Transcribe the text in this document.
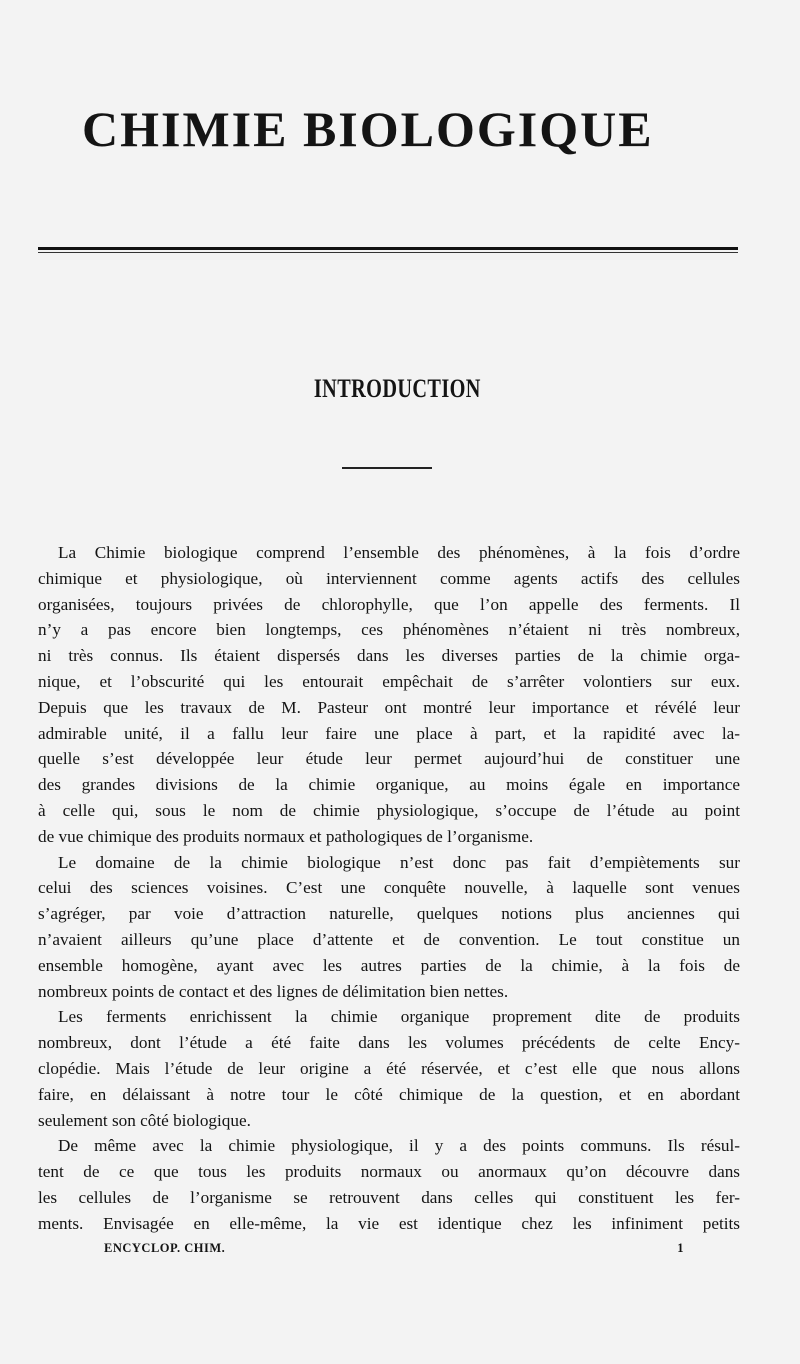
CHIMIE BIOLOGIQUE
INTRODUCTION
La Chimie biologique comprend l’ensemble des phénomènes, à la fois d’ordre
chimique et physiologique, où interviennent comme agents actifs des cellules
organisées, toujours privées de chlorophylle, que l’on appelle des ferments. Il
n’y a pas encore bien longtemps, ces phénomènes n’étaient ni très nombreux,
ni très connus. Ils étaient dispersés dans les diverses parties de la chimie orga-
nique, et l’obscurité qui les entourait empêchait de s’arrêter volontiers sur eux.
Depuis que les travaux de M. Pasteur ont montré leur importance et révélé leur
admirable unité, il a fallu leur faire une place à part, et la rapidité avec la-
quelle s’est développée leur étude leur permet aujourd’hui de constituer une
des grandes divisions de la chimie organique, au moins égale en importance
à celle qui, sous le nom de chimie physiologique, s’occupe de l’étude au point
de vue chimique des produits normaux et pathologiques de l’organisme.
Le domaine de la chimie biologique n’est donc pas fait d’empiètements sur
celui des sciences voisines. C’est une conquête nouvelle, à laquelle sont venues
s’agréger, par voie d’attraction naturelle, quelques notions plus anciennes qui
n’avaient ailleurs qu’une place d’attente et de convention. Le tout constitue un
ensemble homogène, ayant avec les autres parties de la chimie, à la fois de
nombreux points de contact et des lignes de délimitation bien nettes.
Les ferments enrichissent la chimie organique proprement dite de produits
nombreux, dont l’étude a été faite dans les volumes précédents de celte Ency-
clopédie. Mais l’étude de leur origine a été réservée, et c’est elle que nous allons
faire, en délaissant à notre tour le côté chimique de la question, et en abordant
seulement son côté biologique.
De même avec la chimie physiologique, il y a des points communs. Ils résul-
tent de ce que tous les produits normaux ou anormaux qu’on découvre dans
les cellules de l’organisme se retrouvent dans celles qui constituent les fer-
ments. Envisagée en elle-même, la vie est identique chez les infiniment petits
ENCYCLOP. CHIM.	1
